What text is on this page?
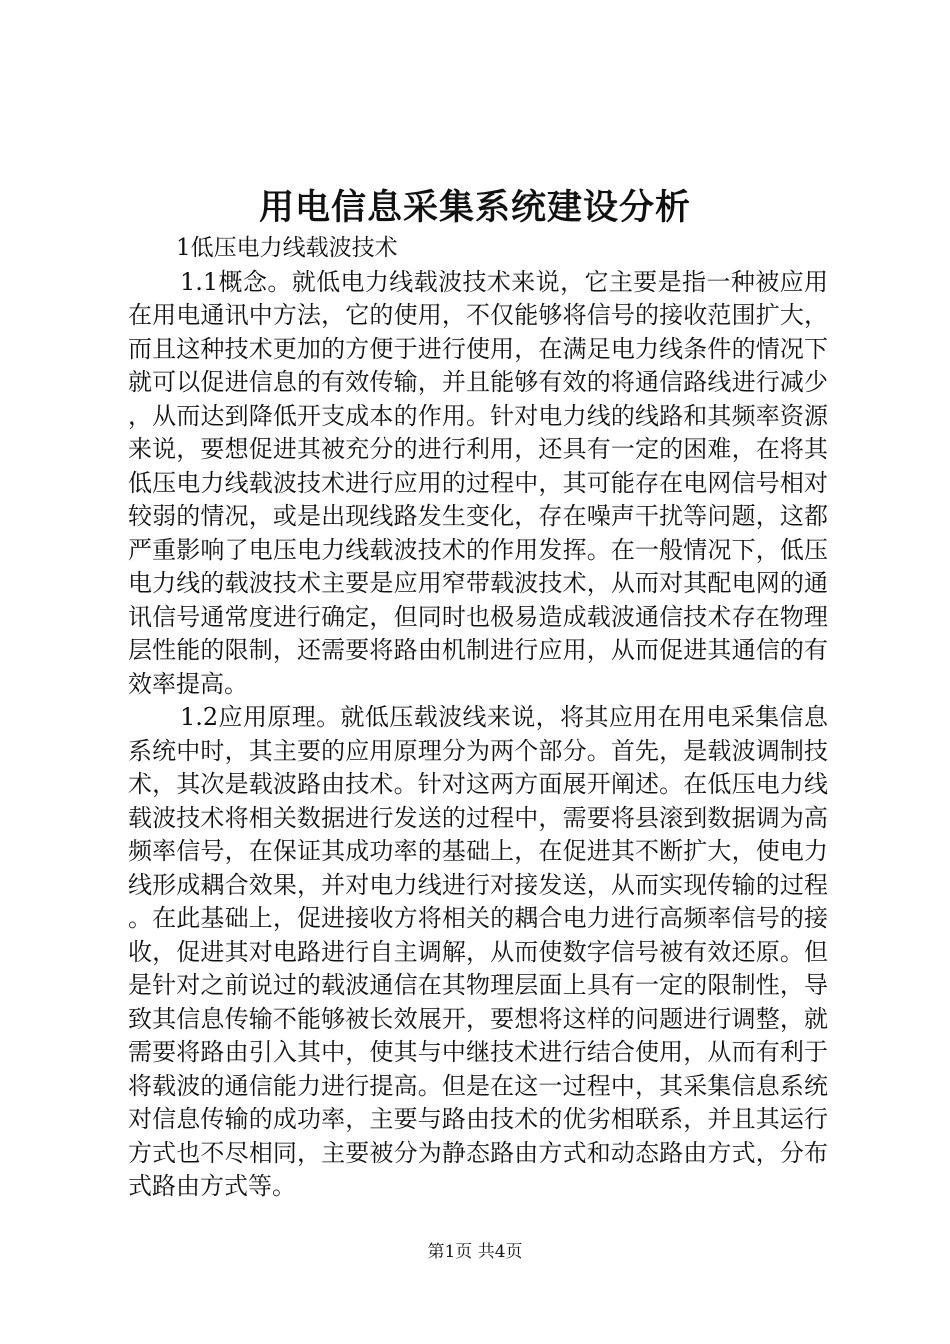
用电信息采集系统建设分析
1低压电力线载波技术

1.1概念。就低电力线载波技术来说，它主要是指一种被应用在用电通讯中方法，它的使用，不仅能够将信号的接收范围扩大，而且这种技术更加的方便于进行使用，在满足电力线条件的情况下就可以促进信息的有效传输，并且能够有效的将通信路线进行减少，从而达到降低开支成本的作用。针对电力线的线路和其频率资源来说，要想促进其被充分的进行利用，还具有一定的困难，在将其低压电力线载波技术进行应用的过程中，其可能存在电网信号相对较弱的情况，或是出现线路发生变化，存在噪声干扰等问题，这都严重影响了电压电力线载波技术的作用发挥。在一般情况下，低压电力线的载波技术主要是应用窄带载波技术，从而对其配电网的通讯信号通常度进行确定，但同时也极易造成载波通信技术存在物理层性能的限制，还需要将路由机制进行应用，从而促进其通信的有效率提高。

1.2应用原理。就低压载波线来说，将其应用在用电采集信息系统中时，其主要的应用原理分为两个部分。首先，是载波调制技术，其次是载波路由技术。针对这两方面展开阐述。在低压电力线载波技术将相关数据进行发送的过程中，需要将县滚到数据调为高频率信号，在保证其成功率的基础上，在促进其不断扩大，使电力线形成耦合效果，并对电力线进行对接发送，从而实现传输的过程。在此基础上，促进接收方将相关的耦合电力进行高频率信号的接收，促进其对电路进行自主调解，从而使数字信号被有效还原。但是针对之前说过的载波通信在其物理层面上具有一定的限制性，导致其信息传输不能够被长效展开，要想将这样的问题进行调整，就需要将路由引入其中，使其与中继技术进行结合使用，从而有利于将载波的通信能力进行提高。但是在这一过程中，其采集信息系统对信息传输的成功率，主要与路由技术的优劣相联系，并且其运行方式也不尽相同，主要被分为静态路由方式和动态路由方式，分布式路由方式等。

第1页 共4页
